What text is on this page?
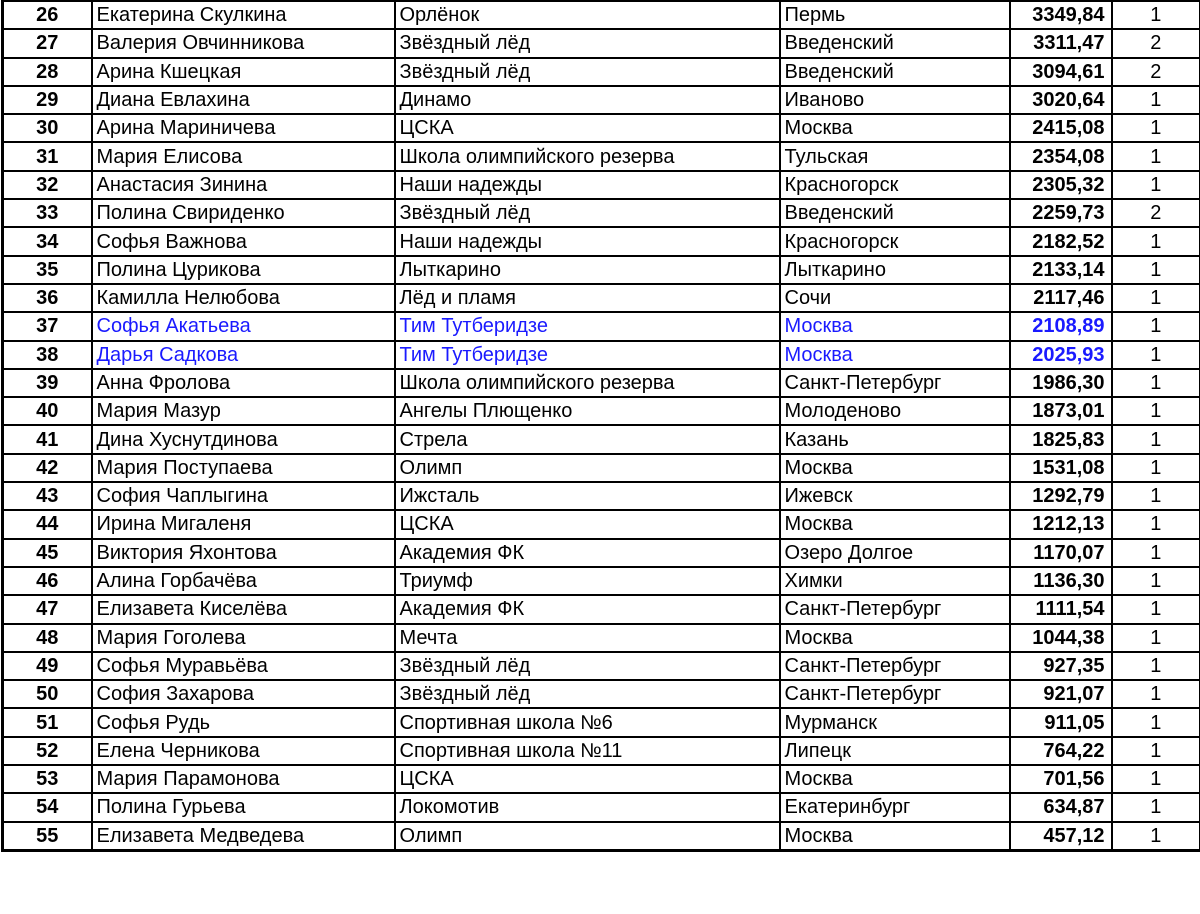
26	Екатерина Скулкина	Орлёнок	Пермь	3349,84	1
27	Валерия Овчинникова	Звёздный лёд	Введенский	3311,47	2
28	Арина Кшецкая	Звёздный лёд	Введенский	3094,61	2
29	Диана Евлахина	Динамо	Иваново	3020,64	1
30	Арина Мариничева	ЦСКА	Москва	2415,08	1
31	Мария Елисова	Школа олимпийского резерва	Тульская	2354,08	1
32	Анастасия Зинина	Наши надежды	Красногорск	2305,32	1
33	Полина Свириденко	Звёздный лёд	Введенский	2259,73	2
34	Софья Важнова	Наши надежды	Красногорск	2182,52	1
35	Полина Цурикова	Лыткарино	Лыткарино	2133,14	1
36	Камилла Нелюбова	Лёд и пламя	Сочи	2117,46	1
37	Софья Акатьева	Тим Тутберидзе	Москва	2108,89	1
38	Дарья Садкова	Тим Тутберидзе	Москва	2025,93	1
39	Анна Фролова	Школа олимпийского резерва	Санкт-Петербург	1986,30	1
40	Мария Мазур	Ангелы Плющенко	Молоденово	1873,01	1
41	Дина Хуснутдинова	Стрела	Казань	1825,83	1
42	Мария Поступаева	Олимп	Москва	1531,08	1
43	София Чаплыгина	Ижсталь	Ижевск	1292,79	1
44	Ирина Мигаленя	ЦСКА	Москва	1212,13	1
45	Виктория Яхонтова	Академия ФК	Озеро Долгое	1170,07	1
46	Алина Горбачёва	Триумф	Химки	1136,30	1
47	Елизавета Киселёва	Академия ФК	Санкт-Петербург	1111,54	1
48	Мария Гоголева	Мечта	Москва	1044,38	1
49	Софья Муравьёва	Звёздный лёд	Санкт-Петербург	927,35	1
50	София Захарова	Звёздный лёд	Санкт-Петербург	921,07	1
51	Софья Рудь	Спортивная школа №6	Мурманск	911,05	1
52	Елена Черникова	Спортивная школа №11	Липецк	764,22	1
53	Мария Парамонова	ЦСКА	Москва	701,56	1
54	Полина Гурьева	Локомотив	Екатеринбург	634,87	1
55	Елизавета Медведева	Олимп	Москва	457,12	1
